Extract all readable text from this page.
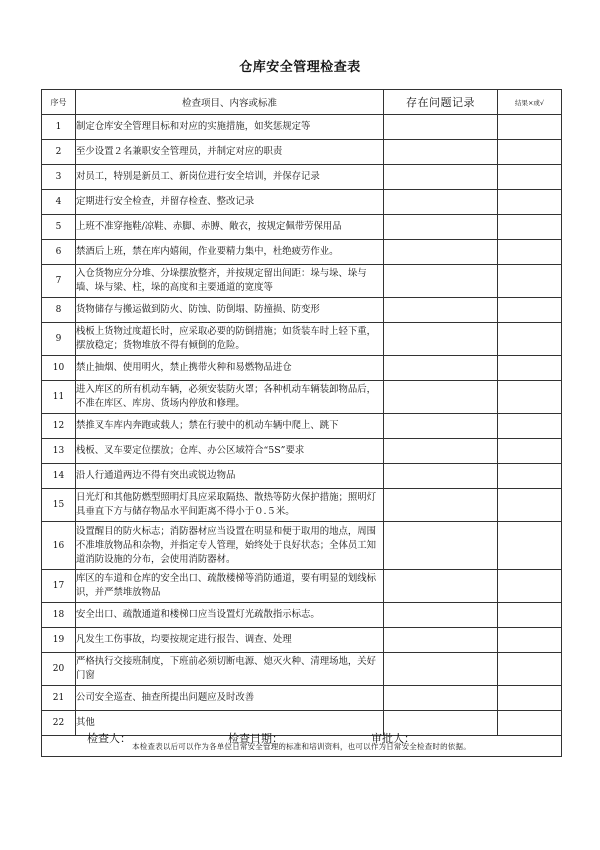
仓库安全管理检查表
序号	检查项目、内容或标准	存在问题记录	结果×或√
1	制定仓库安全管理目标和对应的实施措施，如奖惩规定等		
2	至少设置２名兼职安全管理员，并制定对应的职责		
3	对员工，特别是新员工、新岗位进行安全培训，并保存记录		
4	定期进行安全检查，并留存检查、整改记录		
5	上班不准穿拖鞋/凉鞋、赤脚、赤膊、敞衣，按规定佩带劳保用品		
6	禁酒后上班，禁在库内嬉闹，作业要精力集中，杜绝疲劳作业。		
7	入仓货物应分分堆、分垛摆放整齐，并按规定留出间距：垛与垛、垛与墙、垛与梁、柱，垛的高度和主要通道的宽度等		
8	货物储存与搬运做到防火、防蚀、防倒塌、防撞损、防变形		
9	栈板上货物过度超长时，应采取必要的防倒措施；如货装车时上轻下重，摆放稳定；货物堆放不得有倾倒的危险。		
10	禁止抽烟、使用明火，禁止携带火种和易燃物品进仓		
11	进入库区的所有机动车辆，必须安装防火罩；各种机动车辆装卸物品后，不准在库区、库房、货场内停放和修理。		
12	禁推叉车库内奔跑或载人；禁在行驶中的机动车辆中爬上、跳下		
13	栈板、叉车要定位摆放；仓库、办公区域符合“5S”要求		
14	沿人行通道两边不得有突出或锐边物品		
15	日光灯和其他防燃型照明灯具应采取隔热、散热等防火保护措施；照明灯具垂直下方与储存物品水平间距离不得小于０.５米。		
16	设置醒目的防火标志；消防器材应当设置在明显和便于取用的地点，周围不准堆放物品和杂物，并指定专人管理，始终处于良好状态；全体员工知道消防设施的分布，会使用消防器材。		
17	库区的车道和仓库的安全出口、疏散楼梯等消防通道，要有明显的划线标识，并严禁堆放物品		
18	安全出口、疏散通道和楼梯口应当设置灯光疏散指示标志。		
19	凡发生工伤事故，均要按规定进行报告、调查、处理		
20	严格执行交接班制度，下班前必须切断电源、熄灭火种、清理场地，关好门窗		
21	公司安全巡查、抽查所提出问题应及时改善		
22	其他		
本检查表以后可以作为各单位日常安全管理的标准和培训资料，也可以作为日常安全检查时的依据。			
检查人：	检查日期：	审批人：
